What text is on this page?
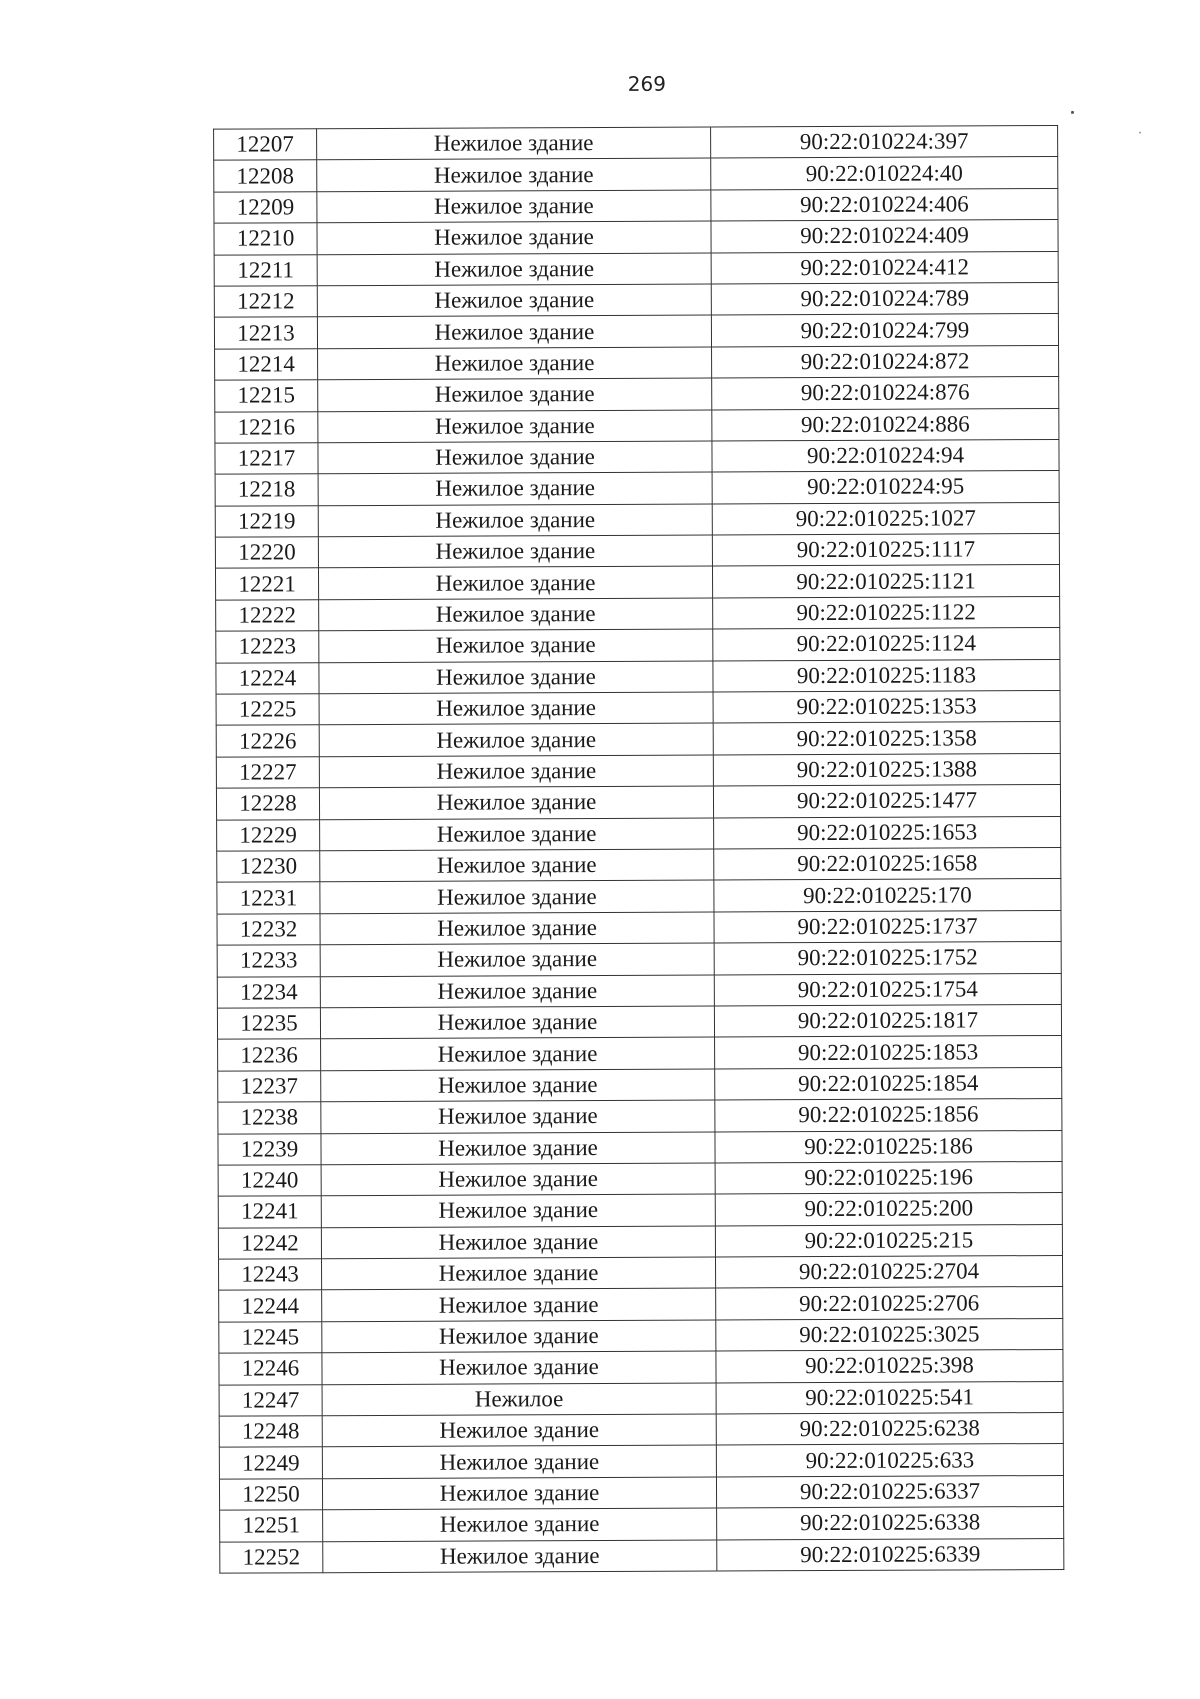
269
12207	Нежилое здание	90:22:010224:397
12208	Нежилое здание	90:22:010224:40
12209	Нежилое здание	90:22:010224:406
12210	Нежилое здание	90:22:010224:409
12211	Нежилое здание	90:22:010224:412
12212	Нежилое здание	90:22:010224:789
12213	Нежилое здание	90:22:010224:799
12214	Нежилое здание	90:22:010224:872
12215	Нежилое здание	90:22:010224:876
12216	Нежилое здание	90:22:010224:886
12217	Нежилое здание	90:22:010224:94
12218	Нежилое здание	90:22:010224:95
12219	Нежилое здание	90:22:010225:1027
12220	Нежилое здание	90:22:010225:1117
12221	Нежилое здание	90:22:010225:1121
12222	Нежилое здание	90:22:010225:1122
12223	Нежилое здание	90:22:010225:1124
12224	Нежилое здание	90:22:010225:1183
12225	Нежилое здание	90:22:010225:1353
12226	Нежилое здание	90:22:010225:1358
12227	Нежилое здание	90:22:010225:1388
12228	Нежилое здание	90:22:010225:1477
12229	Нежилое здание	90:22:010225:1653
12230	Нежилое здание	90:22:010225:1658
12231	Нежилое здание	90:22:010225:170
12232	Нежилое здание	90:22:010225:1737
12233	Нежилое здание	90:22:010225:1752
12234	Нежилое здание	90:22:010225:1754
12235	Нежилое здание	90:22:010225:1817
12236	Нежилое здание	90:22:010225:1853
12237	Нежилое здание	90:22:010225:1854
12238	Нежилое здание	90:22:010225:1856
12239	Нежилое здание	90:22:010225:186
12240	Нежилое здание	90:22:010225:196
12241	Нежилое здание	90:22:010225:200
12242	Нежилое здание	90:22:010225:215
12243	Нежилое здание	90:22:010225:2704
12244	Нежилое здание	90:22:010225:2706
12245	Нежилое здание	90:22:010225:3025
12246	Нежилое здание	90:22:010225:398
12247	Нежилое	90:22:010225:541
12248	Нежилое здание	90:22:010225:6238
12249	Нежилое здание	90:22:010225:633
12250	Нежилое здание	90:22:010225:6337
12251	Нежилое здание	90:22:010225:6338
12252	Нежилое здание	90:22:010225:6339
